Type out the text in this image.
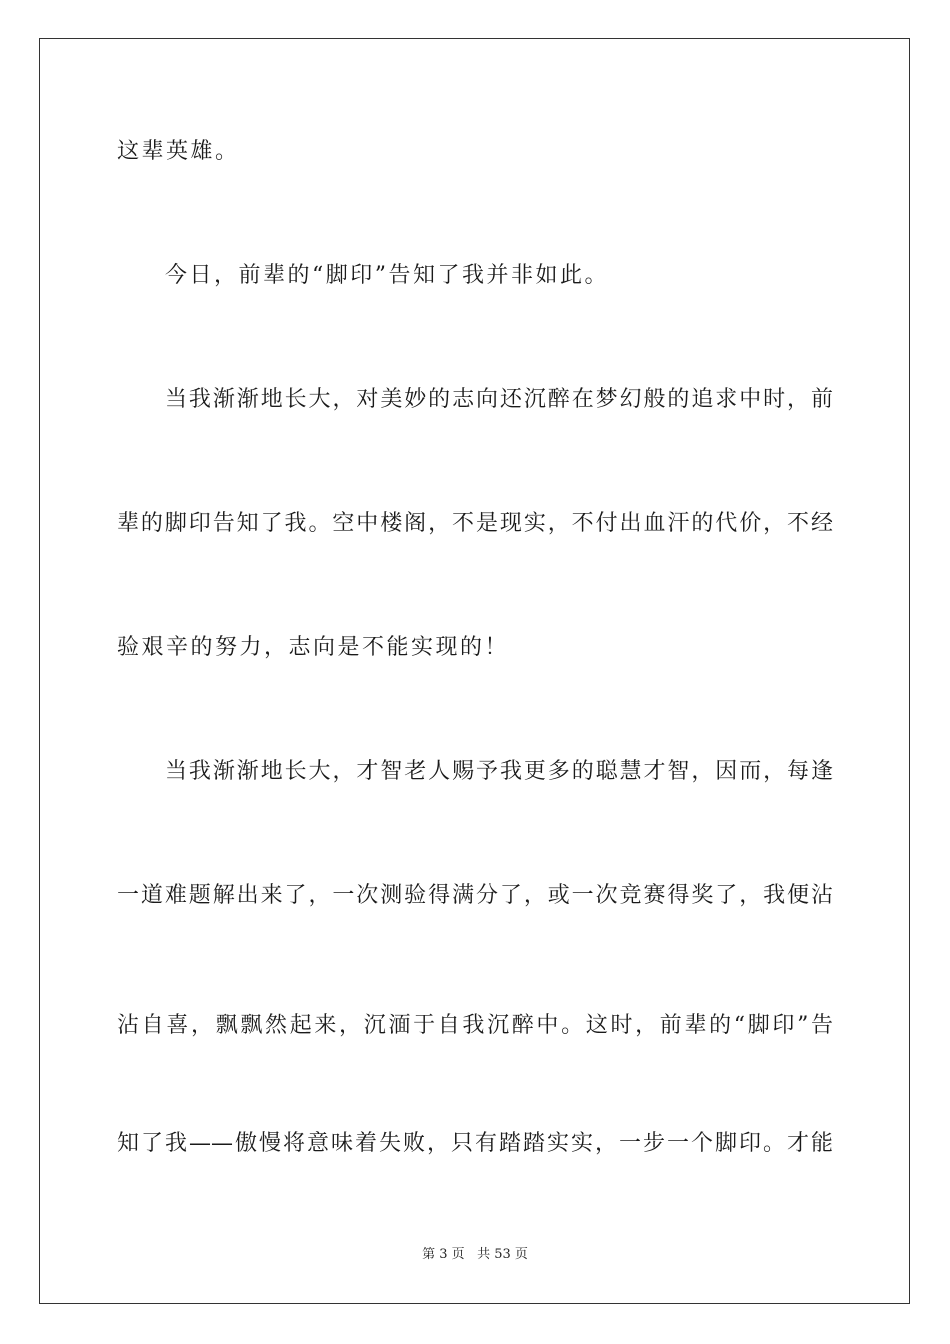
这辈英雄。
今日，前辈的“脚印”告知了我并非如此。
当我渐渐地长大，对美妙的志向还沉醉在梦幻般的追求中时，前
辈的脚印告知了我。空中楼阁，不是现实，不付出血汗的代价，不经
验艰辛的努力，志向是不能实现的！
当我渐渐地长大，才智老人赐予我更多的聪慧才智，因而，每逢
一道难题解出来了，一次测验得满分了，或一次竞赛得奖了，我便沾
沾自喜，飘飘然起来，沉湎于自我沉醉中。这时，前辈的“脚印”告
知了我——傲慢将意味着失败，只有踏踏实实，一步一个脚印。才能
第 3 页 共 53 页
